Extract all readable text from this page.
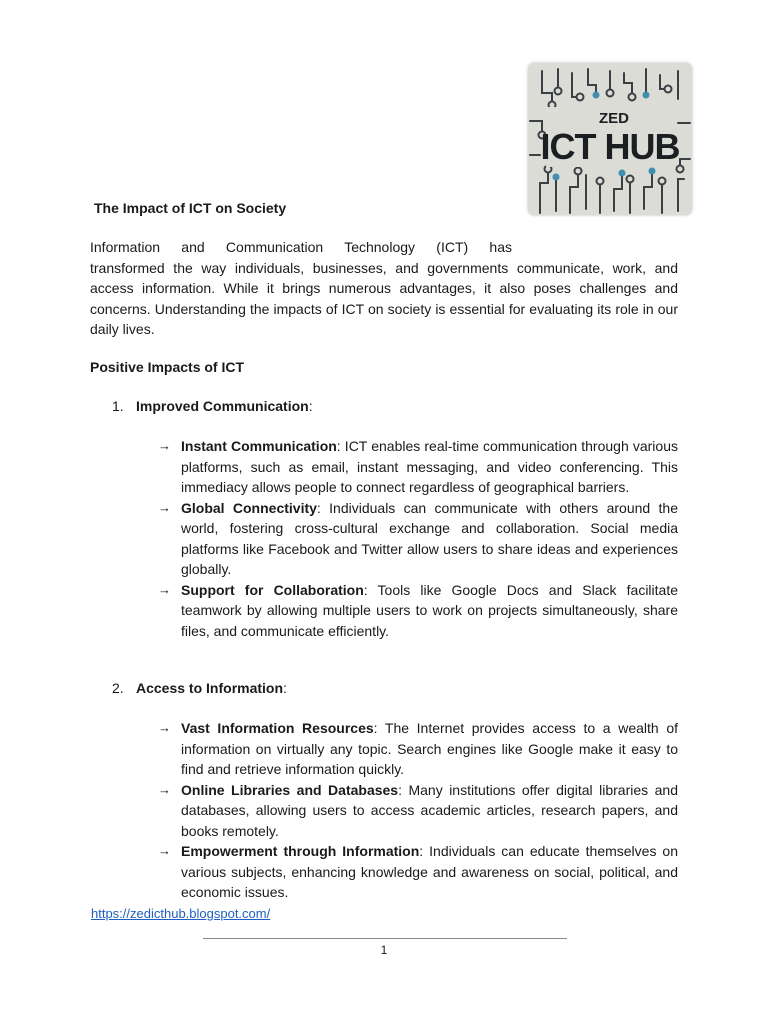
ZED
ICT HUB
The Impact of ICT on Society
Information and Communication Technology (ICT) has
transformed the way individuals, businesses, and governments communicate, work, and access information. While it brings numerous advantages, it also poses challenges and concerns. Understanding the impacts of ICT on society is essential for evaluating its role in our daily lives.
Positive Impacts of ICT
1. Improved Communication:
→ Instant Communication: ICT enables real-time communication through various platforms, such as email, instant messaging, and video conferencing. This immediacy allows people to connect regardless of geographical barriers.
→ Global Connectivity: Individuals can communicate with others around the world, fostering cross-cultural exchange and collaboration. Social media platforms like Facebook and Twitter allow users to share ideas and experiences globally.
→ Support for Collaboration: Tools like Google Docs and Slack facilitate teamwork by allowing multiple users to work on projects simultaneously, share files, and communicate efficiently.
2. Access to Information:
→ Vast Information Resources: The Internet provides access to a wealth of information on virtually any topic. Search engines like Google make it easy to find and retrieve information quickly.
→ Online Libraries and Databases: Many institutions offer digital libraries and databases, allowing users to access academic articles, research papers, and books remotely.
→ Empowerment through Information: Individuals can educate themselves on various subjects, enhancing knowledge and awareness on social, political, and economic issues.
https://zedicthub.blogspot.com/
1
